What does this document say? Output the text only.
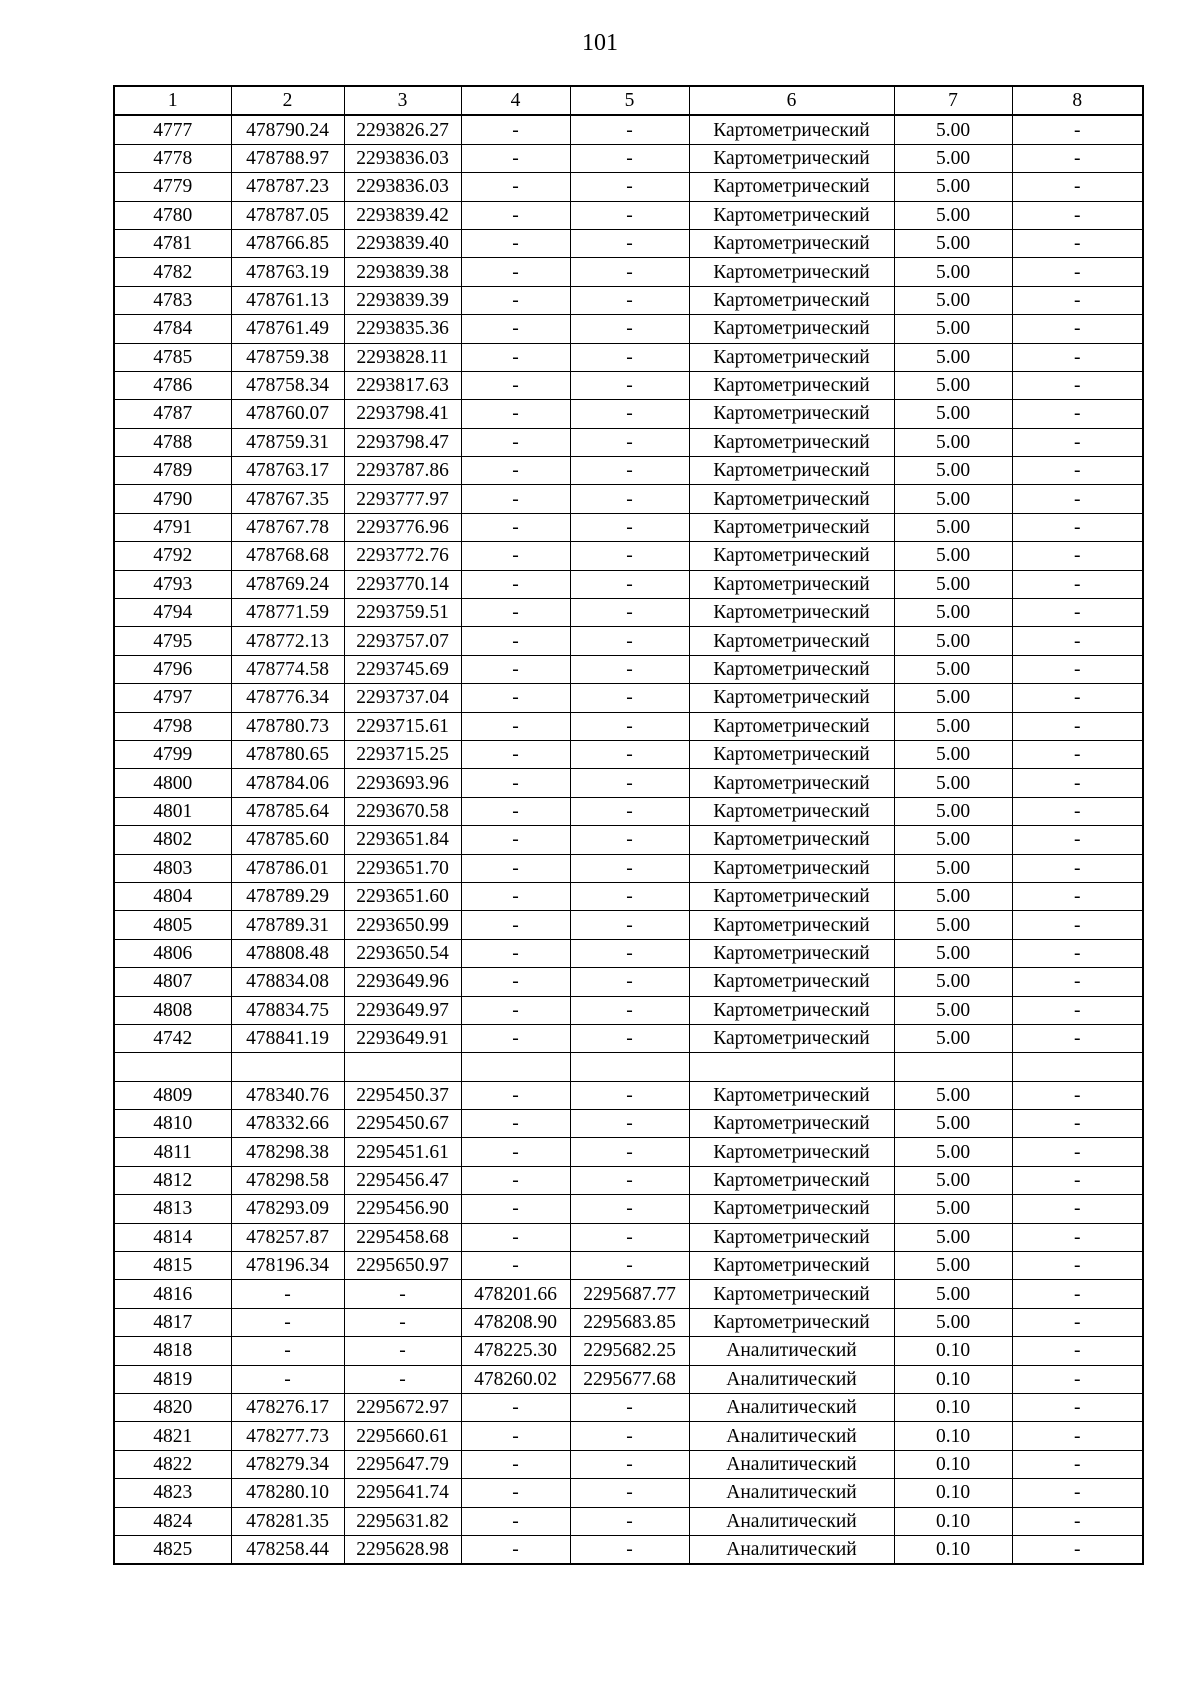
101
1	2	3	4	5	6	7	8
4777	478790.24	2293826.27	-	-	Картометрический	5.00	-
4778	478788.97	2293836.03	-	-	Картометрический	5.00	-
4779	478787.23	2293836.03	-	-	Картометрический	5.00	-
4780	478787.05	2293839.42	-	-	Картометрический	5.00	-
4781	478766.85	2293839.40	-	-	Картометрический	5.00	-
4782	478763.19	2293839.38	-	-	Картометрический	5.00	-
4783	478761.13	2293839.39	-	-	Картометрический	5.00	-
4784	478761.49	2293835.36	-	-	Картометрический	5.00	-
4785	478759.38	2293828.11	-	-	Картометрический	5.00	-
4786	478758.34	2293817.63	-	-	Картометрический	5.00	-
4787	478760.07	2293798.41	-	-	Картометрический	5.00	-
4788	478759.31	2293798.47	-	-	Картометрический	5.00	-
4789	478763.17	2293787.86	-	-	Картометрический	5.00	-
4790	478767.35	2293777.97	-	-	Картометрический	5.00	-
4791	478767.78	2293776.96	-	-	Картометрический	5.00	-
4792	478768.68	2293772.76	-	-	Картометрический	5.00	-
4793	478769.24	2293770.14	-	-	Картометрический	5.00	-
4794	478771.59	2293759.51	-	-	Картометрический	5.00	-
4795	478772.13	2293757.07	-	-	Картометрический	5.00	-
4796	478774.58	2293745.69	-	-	Картометрический	5.00	-
4797	478776.34	2293737.04	-	-	Картометрический	5.00	-
4798	478780.73	2293715.61	-	-	Картометрический	5.00	-
4799	478780.65	2293715.25	-	-	Картометрический	5.00	-
4800	478784.06	2293693.96	-	-	Картометрический	5.00	-
4801	478785.64	2293670.58	-	-	Картометрический	5.00	-
4802	478785.60	2293651.84	-	-	Картометрический	5.00	-
4803	478786.01	2293651.70	-	-	Картометрический	5.00	-
4804	478789.29	2293651.60	-	-	Картометрический	5.00	-
4805	478789.31	2293650.99	-	-	Картометрический	5.00	-
4806	478808.48	2293650.54	-	-	Картометрический	5.00	-
4807	478834.08	2293649.96	-	-	Картометрический	5.00	-
4808	478834.75	2293649.97	-	-	Картометрический	5.00	-
4742	478841.19	2293649.91	-	-	Картометрический	5.00	-

4809	478340.76	2295450.37	-	-	Картометрический	5.00	-
4810	478332.66	2295450.67	-	-	Картометрический	5.00	-
4811	478298.38	2295451.61	-	-	Картометрический	5.00	-
4812	478298.58	2295456.47	-	-	Картометрический	5.00	-
4813	478293.09	2295456.90	-	-	Картометрический	5.00	-
4814	478257.87	2295458.68	-	-	Картометрический	5.00	-
4815	478196.34	2295650.97	-	-	Картометрический	5.00	-
4816	-	-	478201.66	2295687.77	Картометрический	5.00	-
4817	-	-	478208.90	2295683.85	Картометрический	5.00	-
4818	-	-	478225.30	2295682.25	Аналитический	0.10	-
4819	-	-	478260.02	2295677.68	Аналитический	0.10	-
4820	478276.17	2295672.97	-	-	Аналитический	0.10	-
4821	478277.73	2295660.61	-	-	Аналитический	0.10	-
4822	478279.34	2295647.79	-	-	Аналитический	0.10	-
4823	478280.10	2295641.74	-	-	Аналитический	0.10	-
4824	478281.35	2295631.82	-	-	Аналитический	0.10	-
4825	478258.44	2295628.98	-	-	Аналитический	0.10	-
